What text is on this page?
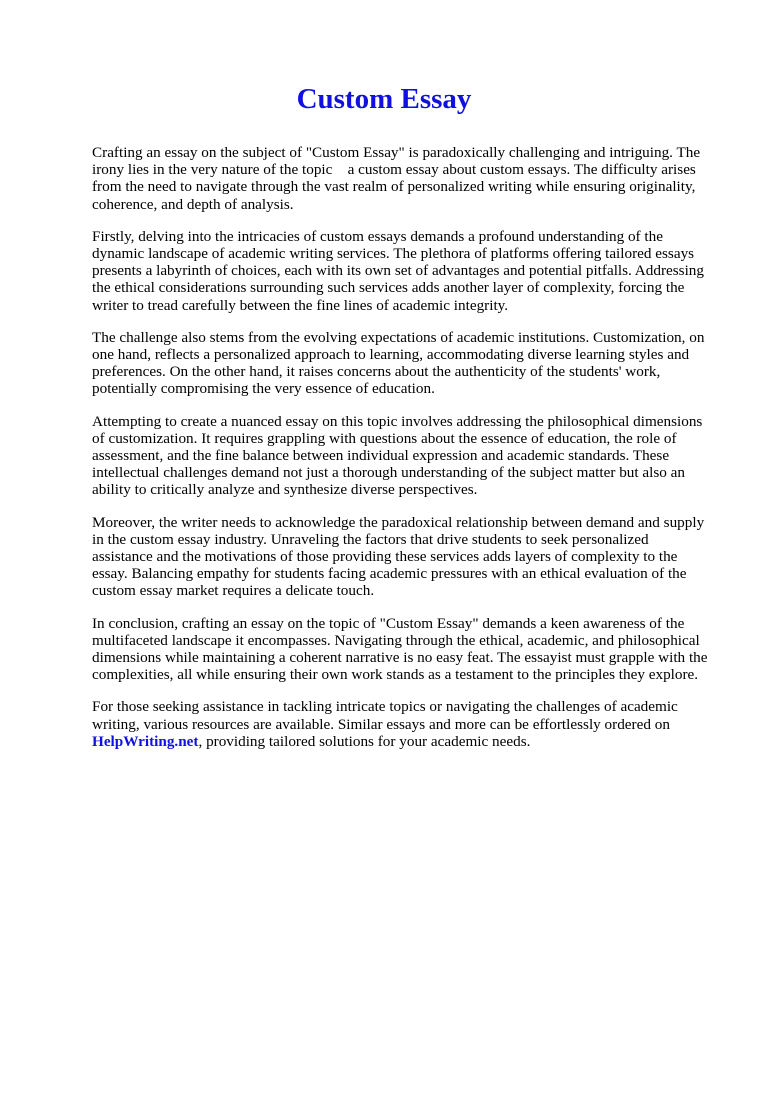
Custom Essay

Crafting an essay on the subject of "Custom Essay" is paradoxically challenging and intriguing. The
irony lies in the very nature of the topic    a custom essay about custom essays. The difficulty arises
from the need to navigate through the vast realm of personalized writing while ensuring originality,
coherence, and depth of analysis.

Firstly, delving into the intricacies of custom essays demands a profound understanding of the
dynamic landscape of academic writing services. The plethora of platforms offering tailored essays
presents a labyrinth of choices, each with its own set of advantages and potential pitfalls. Addressing
the ethical considerations surrounding such services adds another layer of complexity, forcing the
writer to tread carefully between the fine lines of academic integrity.

The challenge also stems from the evolving expectations of academic institutions. Customization, on
one hand, reflects a personalized approach to learning, accommodating diverse learning styles and
preferences. On the other hand, it raises concerns about the authenticity of the students' work,
potentially compromising the very essence of education.

Attempting to create a nuanced essay on this topic involves addressing the philosophical dimensions
of customization. It requires grappling with questions about the essence of education, the role of
assessment, and the fine balance between individual expression and academic standards. These
intellectual challenges demand not just a thorough understanding of the subject matter but also an
ability to critically analyze and synthesize diverse perspectives.

Moreover, the writer needs to acknowledge the paradoxical relationship between demand and supply
in the custom essay industry. Unraveling the factors that drive students to seek personalized
assistance and the motivations of those providing these services adds layers of complexity to the
essay. Balancing empathy for students facing academic pressures with an ethical evaluation of the
custom essay market requires a delicate touch.

In conclusion, crafting an essay on the topic of "Custom Essay" demands a keen awareness of the
multifaceted landscape it encompasses. Navigating through the ethical, academic, and philosophical
dimensions while maintaining a coherent narrative is no easy feat. The essayist must grapple with the
complexities, all while ensuring their own work stands as a testament to the principles they explore.

For those seeking assistance in tackling intricate topics or navigating the challenges of academic
writing, various resources are available. Similar essays and more can be effortlessly ordered on
HelpWriting.net, providing tailored solutions for your academic needs.
